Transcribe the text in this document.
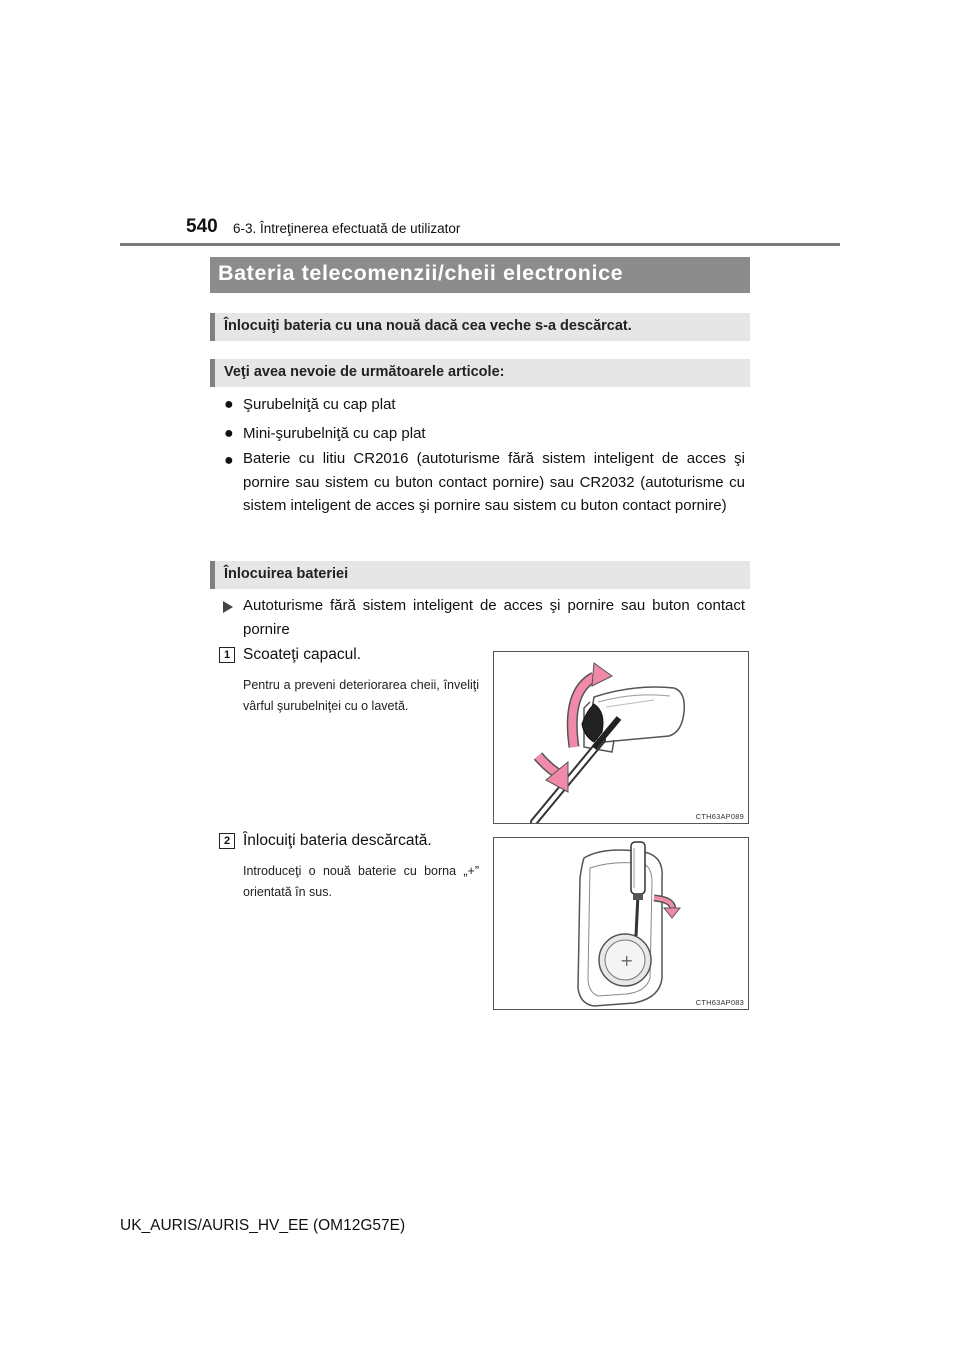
540 6-3. Întreţinerea efectuată de utilizator
Bateria telecomenzii/cheii electronice
Înlocuiţi bateria cu una nouă dacă cea veche s-a descărcat.
Veţi avea nevoie de următoarele articole:
● Şurubelniţă cu cap plat
● Mini-şurubelniţă cu cap plat
● Baterie cu litiu CR2016 (autoturisme fără sistem inteligent de acces şi pornire sau sistem cu buton contact pornire) sau CR2032 (autoturisme cu sistem inteligent de acces şi pornire sau sistem cu buton contact pornire)
Înlocuirea bateriei
Autoturisme fără sistem inteligent de acces şi pornire sau buton contact pornire
1 Scoateţi capacul.
Pentru a preveni deteriorarea cheii, înveliţi vârful şurubelniţei cu o lavetă.
CTH63AP089
2 Înlocuiţi bateria descărcată.
Introduceţi o nouă baterie cu borna „+” orientată în sus.
+
CTH63AP083
UK_AURIS/AURIS_HV_EE (OM12G57E)
